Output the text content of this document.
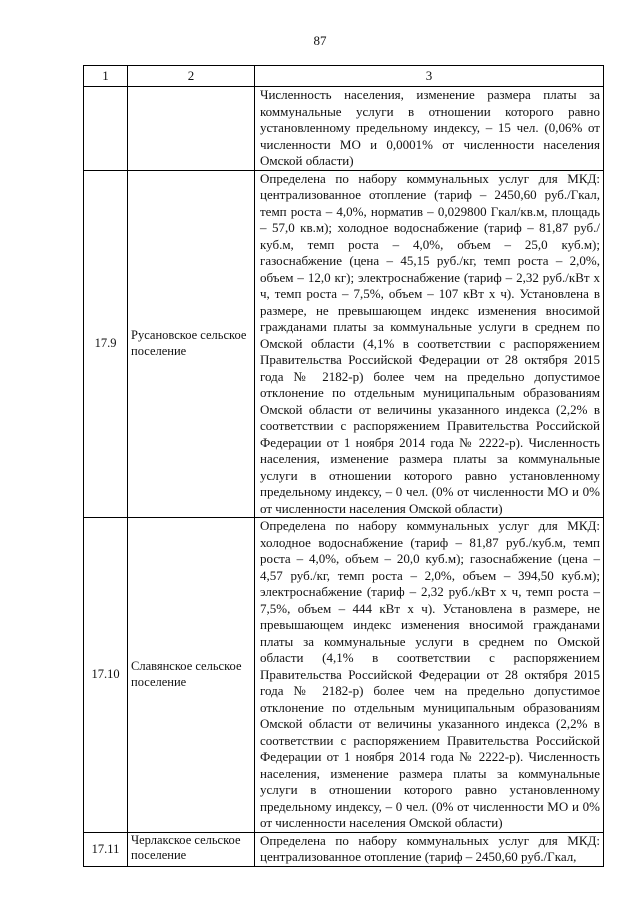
87
1	2	3
		Численность населения, изменение размера платы за коммунальные услуги в отношении которого равно установленному предельному индексу, – 15 чел. (0,06% от численности МО и 0,0001% от численности населения Омской области)
17.9	Русановское сельское поселение	Определена по набору коммунальных услуг для МКД: централизованное отопление (тариф – 2450,60 руб./Гкал, темп роста – 4,0%, норматив – 0,029800 Гкал/кв.м, площадь – 57,0 кв.м); холодное водоснабжение (тариф – 81,87 руб./куб.м, темп роста – 4,0%, объем – 25,0 куб.м); газоснабжение (цена – 45,15 руб./кг, темп роста – 2,0%, объем – 12,0 кг); электроснабжение (тариф – 2,32 руб./кВт х ч, темп роста – 7,5%, объем – 107 кВт х ч). Установлена в размере, не превышающем индекс изменения вносимой гражданами платы за коммунальные услуги в среднем по Омской области (4,1% в соответствии с распоряжением Правительства Российской Федерации от 28 октября 2015 года № 2182-р) более чем на предельно допустимое отклонение по отдельным муниципальным образованиям Омской области от величины указанного индекса (2,2% в соответствии с распоряжением Правительства Российской Федерации от 1 ноября 2014 года № 2222-р). Численность населения, изменение размера платы за коммунальные услуги в отношении которого равно установленному предельному индексу, – 0 чел. (0% от численности МО и 0% от численности населения Омской области)
17.10	Славянское сельское поселение	Определена по набору коммунальных услуг для МКД: холодное водоснабжение (тариф – 81,87 руб./куб.м, темп роста – 4,0%, объем – 20,0 куб.м); газоснабжение (цена – 4,57 руб./кг, темп роста – 2,0%, объем – 394,50 куб.м); электроснабжение (тариф – 2,32 руб./кВт х ч, темп роста – 7,5%, объем – 444 кВт х ч). Установлена в размере, не превышающем индекс изменения вносимой гражданами платы за коммунальные услуги в среднем по Омской области (4,1% в соответствии с распоряжением Правительства Российской Федерации от 28 октября 2015 года № 2182-р) более чем на предельно допустимое отклонение по отдельным муниципальным образованиям Омской области от величины указанного индекса (2,2% в соответствии с распоряжением Правительства Российской Федерации от 1 ноября 2014 года № 2222-р). Численность населения, изменение размера платы за коммунальные услуги в отношении которого равно установленному предельному индексу, – 0 чел. (0% от численности МО и 0% от численности населения Омской области)
17.11	Черлакское сельское поселение	Определена по набору коммунальных услуг для МКД: централизованное отопление (тариф – 2450,60 руб./Гкал,
